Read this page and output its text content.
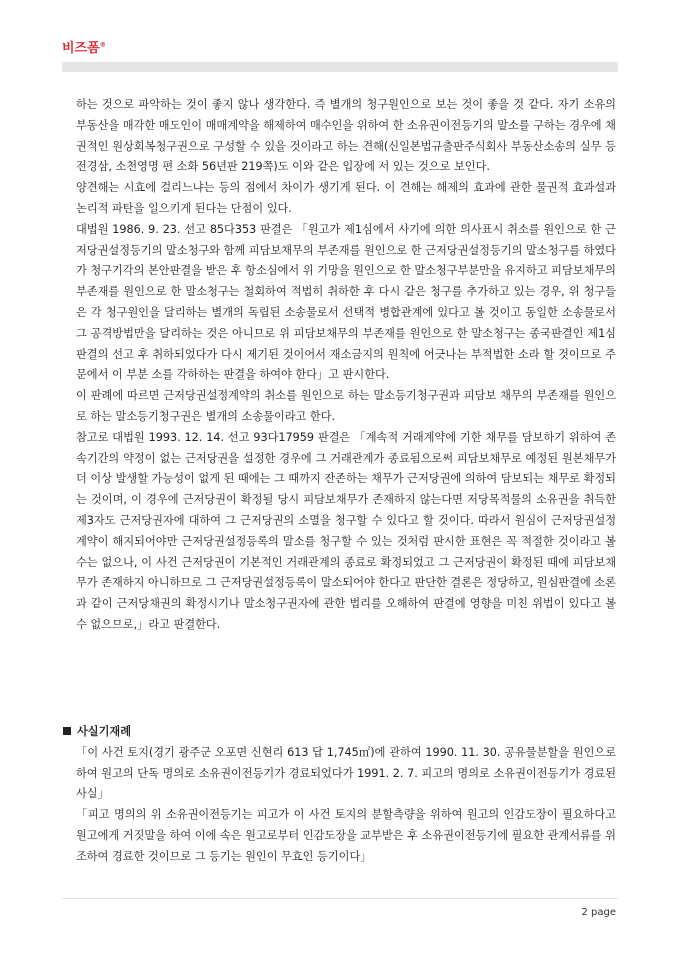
비즈폼®

하는 것으로 파악하는 것이 좋지 않나 생각한다. 즉 별개의 청구원인으로 보는 것이 좋을 것 같다. 자기 소유의 부동산을 매각한 매도인이 매매계약을 해제하여 매수인을 위하여 한 소유권이전등기의 말소를 구하는 경우에 채권적인 원상회복청구권으로 구성할 수 있을 것이라고 하는 견해(신일본법규출판주식회사 부동산소송의 실무 등전경삼, 소천영명 편 소화 56년판 219쪽)도 이와 같은 입장에 서 있는 것으로 보인다.

양견해는 시효에 걸리느냐는 등의 점에서 차이가 생기게 된다. 이 견해는 해제의 효과에 관한 물권적 효과설과 논리적 파탄을 일으키게 된다는 단점이 있다.

대법원 1986. 9. 23. 선고 85다353 판결은 「원고가 제1심에서 사기에 의한 의사표시 취소를 원인으로 한 근저당권설정등기의 말소청구와 함께 피담보채무의 부존재를 원인으로 한 근저당권설정등기의 말소청구를 하였다가 청구기각의 본안판결을 받은 후 항소심에서 위 기망을 원인으로 한 말소청구부분만을 유지하고 피담보채무의 부존재를 원인으로 한 말소청구는 철회하여 적법히 취하한 후 다시 같은 청구를 추가하고 있는 경우, 위 청구들은 각 청구원인을 달리하는 별개의 독립된 소송물로서 선택적 병합관계에 있다고 볼 것이고 동일한 소송물로서 그 공격방법만을 달리하는 것은 아니므로 위 피담보채무의 부존재를 원인으로 한 말소청구는 종국판결인 제1심 판결의 선고 후 취하되었다가 다시 제기된 것이어서 재소금지의 원칙에 어긋나는 부적법한 소라 할 것이므로 주문에서 이 부분 소를 각하하는 판결을 하여야 한다」고 판시한다.

이 판례에 따르면 근저당권설정계약의 취소를 원인으로 하는 말소등기청구권과 피담보 채무의 부존재를 원인으로 하는 말소등기청구권은 별개의 소송물이라고 한다.

참고로 대법원 1993. 12. 14. 선고 93다17959 판결은 「계속적 거래계약에 기한 채무를 담보하기 위하여 존속기간의 약정이 없는 근저당권을 설정한 경우에 그 거래관계가 종료됨으로써 피담보채무로 예정된 원본채무가 더 이상 발생할 가능성이 없게 된 때에는 그 때까지 잔존하는 채무가 근저당권에 의하여 담보되는 채무로 확정되는 것이며, 이 경우에 근저당권이 확정될 당시 피담보채무가 존재하지 않는다면 저당목적물의 소유권을 취득한 제3자도 근저당권자에 대하여 그 근저당권의 소멸을 청구할 수 있다고 할 것이다. 따라서 원심이 근저당권설정계약이 해지되어야만 근저당권설정등록의 말소를 청구할 수 있는 것처럼 판시한 표현은 꼭 적절한 것이라고 볼 수는 없으나, 이 사건 근저당권이 기본적인 거래관계의 종료로 확정되었고 그 근저당권이 확정된 때에 피담보채무가 존재하지 아니하므로 그 근저당권설정등록이 말소되어야 한다고 판단한 결론은 정당하고, 원심판결에 소론과 같이 근저당채권의 확정시기나 말소청구권자에 관한 법리를 오해하여 판결에 영향을 미친 위법이 있다고 볼 수 없으므로,」라고 판결한다.

사실기재례

「이 사건 토지(경기 광주군 오포면 신현리 613 답 1,745㎡)에 관하여 1990. 11. 30. 공유물분할을 원인으로 하여 원고의 단독 명의로 소유권이전등기가 경료되었다가 1991. 2. 7. 피고의 명의로 소유권이전등기가 경료된 사실」

「피고 명의의 위 소유권이전등기는 피고가 이 사건 토지의 분할측량을 위하여 원고의 인감도장이 필요하다고 원고에게 거짓말을 하여 이에 속은 원고로부터 인감도장을 교부받은 후 소유권이전등기에 필요한 관계서류를 위조하여 경료한 것이므로 그 등기는 원인이 무효인 등기이다」

2 page
